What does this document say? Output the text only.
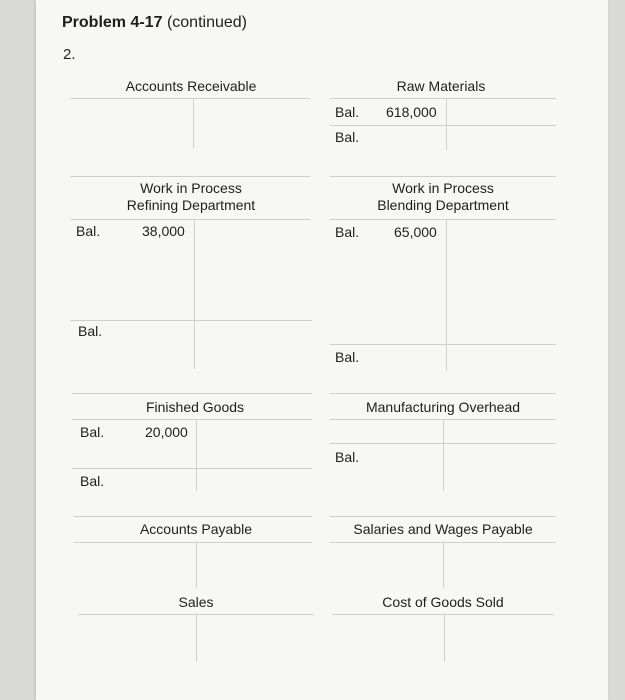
Problem 4-17 (continued)
2.
Accounts Receivable	Raw Materials
Bal. 618,000
Bal.
Work in Process
Refining Department
Bal.	38,000
Bal.
Work in Process
Blending Department
Bal. 65,000
Bal.
Finished Goods
Bal.	20,000
Bal.
Manufacturing Overhead
Bal.
Accounts Payable	Salaries and Wages Payable
Sales	Cost of Goods Sold
